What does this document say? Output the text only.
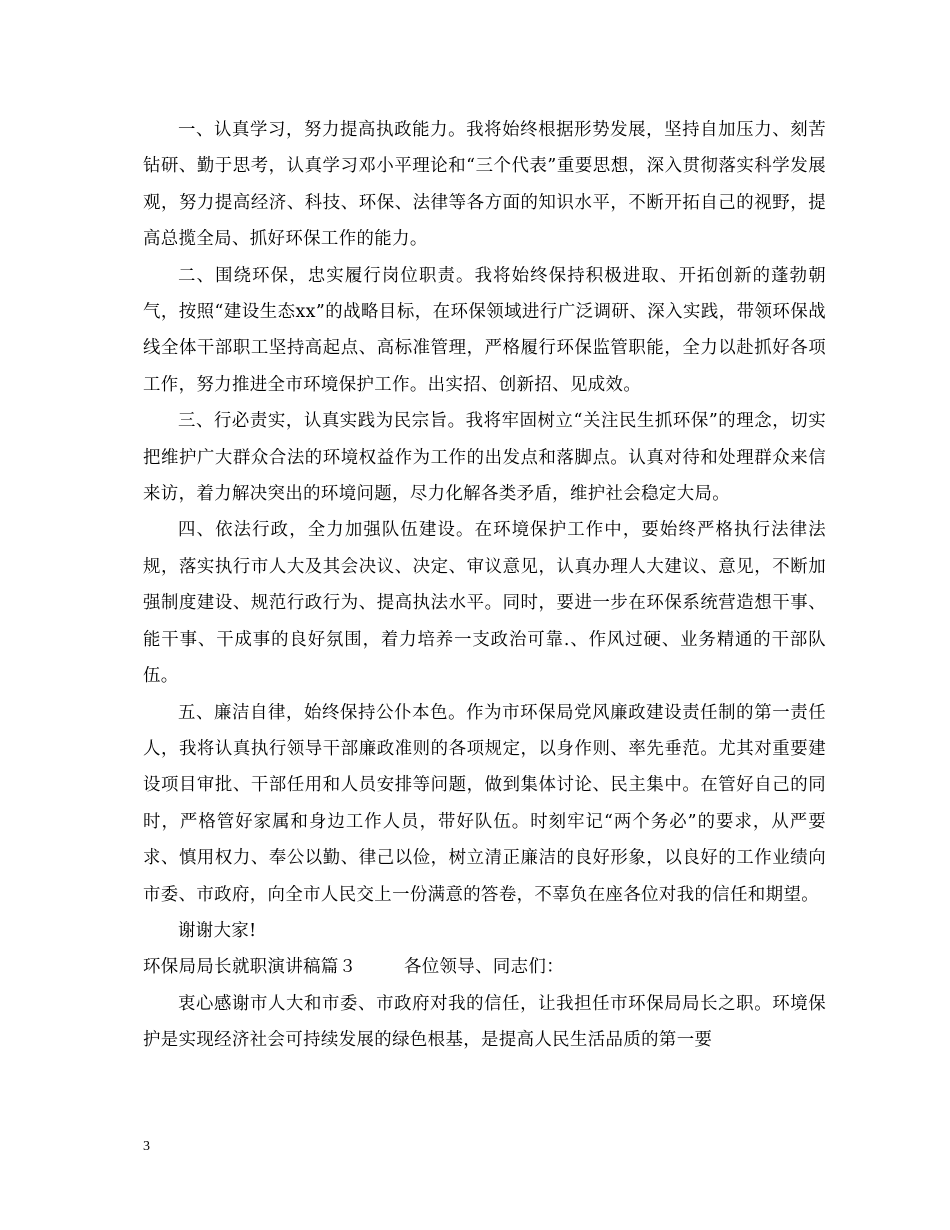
一、认真学习，努力提高执政能力。我将始终根据形势发展，坚持自加压力、刻苦钻研、勤于思考，认真学习邓小平理论和“三个代表”重要思想，深入贯彻落实科学发展观，努力提高经济、科技、环保、法律等各方面的知识水平，不断开拓自己的视野，提高总揽全局、抓好环保工作的能力。

二、围绕环保，忠实履行岗位职责。我将始终保持积极进取、开拓创新的蓬勃朝气，按照“建设生态xx”的战略目标，在环保领域进行广泛调研、深入实践，带领环保战线全体干部职工坚持高起点、高标准管理，严格履行环保监管职能，全力以赴抓好各项工作，努力推进全市环境保护工作。出实招、创新招、见成效。

三、行必责实，认真实践为民宗旨。我将牢固树立“关注民生抓环保”的理念，切实把维护广大群众合法的环境权益作为工作的出发点和落脚点。认真对待和处理群众来信来访，着力解决突出的环境问题，尽力化解各类矛盾，维护社会稳定大局。

四、依法行政，全力加强队伍建设。在环境保护工作中，要始终严格执行法律法规，落实执行市人大及其会决议、决定、审议意见，认真办理人大建议、意见，不断加强制度建设、规范行政行为、提高执法水平。同时，要进一步在环保系统营造想干事、能干事、干成事的良好氛围，着力培养一支政治可靠.、作风过硬、业务精通的干部队伍。

五、廉洁自律，始终保持公仆本色。作为市环保局党风廉政建设责任制的第一责任人，我将认真执行领导干部廉政准则的各项规定，以身作则、率先垂范。尤其对重要建设项目审批、干部任用和人员安排等问题，做到集体讨论、民主集中。在管好自己的同时，严格管好家属和身边工作人员，带好队伍。时刻牢记“两个务必”的要求，从严要求、慎用权力、奉公以勤、律己以俭，树立清正廉洁的良好形象，以良好的工作业绩向市委、市政府，向全市人民交上一份满意的答卷，不辜负在座各位对我的信任和期望。

谢谢大家!

环保局局长就职演讲稿篇３	各位领导、同志们：

衷心感谢市人大和市委、市政府对我的信任，让我担任市环保局局长之职。环境保护是实现经济社会可持续发展的绿色根基，是提高人民生活品质的第一要

3
